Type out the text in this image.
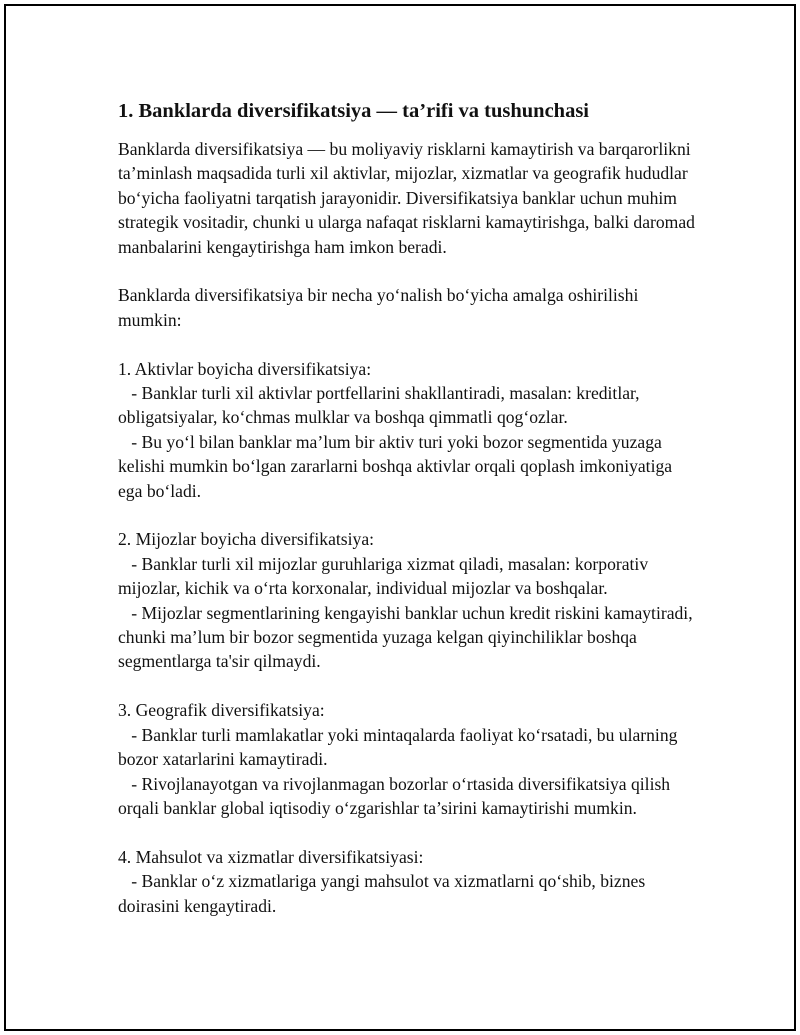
1. Banklarda diversifikatsiya — ta’rifi va tushunchasi

Banklarda diversifikatsiya — bu moliyaviy risklarni kamaytirish va barqarorlikni ta’minlash maqsadida turli xil aktivlar, mijozlar, xizmatlar va geografik hududlar bo‘yicha faoliyatni tarqatish jarayonidir. Diversifikatsiya banklar uchun muhim strategik vositadir, chunki u ularga nafaqat risklarni kamaytirishga, balki daromad manbalarini kengaytirishga ham imkon beradi.

Banklarda diversifikatsiya bir necha yo‘nalish bo‘yicha amalga oshirilishi mumkin:

1. Aktivlar boyicha diversifikatsiya:

- Banklar turli xil aktivlar portfellarini shakllantiradi, masalan: kreditlar, obligatsiyalar, ko‘chmas mulklar va boshqa qimmatli qog‘ozlar.

- Bu yo‘l bilan banklar ma’lum bir aktiv turi yoki bozor segmentida yuzaga kelishi mumkin bo‘lgan zararlarni boshqa aktivlar orqali qoplash imkoniyatiga ega bo‘ladi.

2. Mijozlar boyicha diversifikatsiya:

- Banklar turli xil mijozlar guruhlariga xizmat qiladi, masalan: korporativ mijozlar, kichik va o‘rta korxonalar, individual mijozlar va boshqalar.

- Mijozlar segmentlarining kengayishi banklar uchun kredit riskini kamaytiradi, chunki ma’lum bir bozor segmentida yuzaga kelgan qiyinchiliklar boshqa segmentlarga ta'sir qilmaydi.

3. Geografik diversifikatsiya:

- Banklar turli mamlakatlar yoki mintaqalarda faoliyat ko‘rsatadi, bu ularning bozor xatarlarini kamaytiradi.

- Rivojlanayotgan va rivojlanmagan bozorlar o‘rtasida diversifikatsiya qilish orqali banklar global iqtisodiy o‘zgarishlar ta’sirini kamaytirishi mumkin.

4. Mahsulot va xizmatlar diversifikatsiyasi:

- Banklar o‘z xizmatlariga yangi mahsulot va xizmatlarni qo‘shib, biznes doirasini kengaytiradi.
